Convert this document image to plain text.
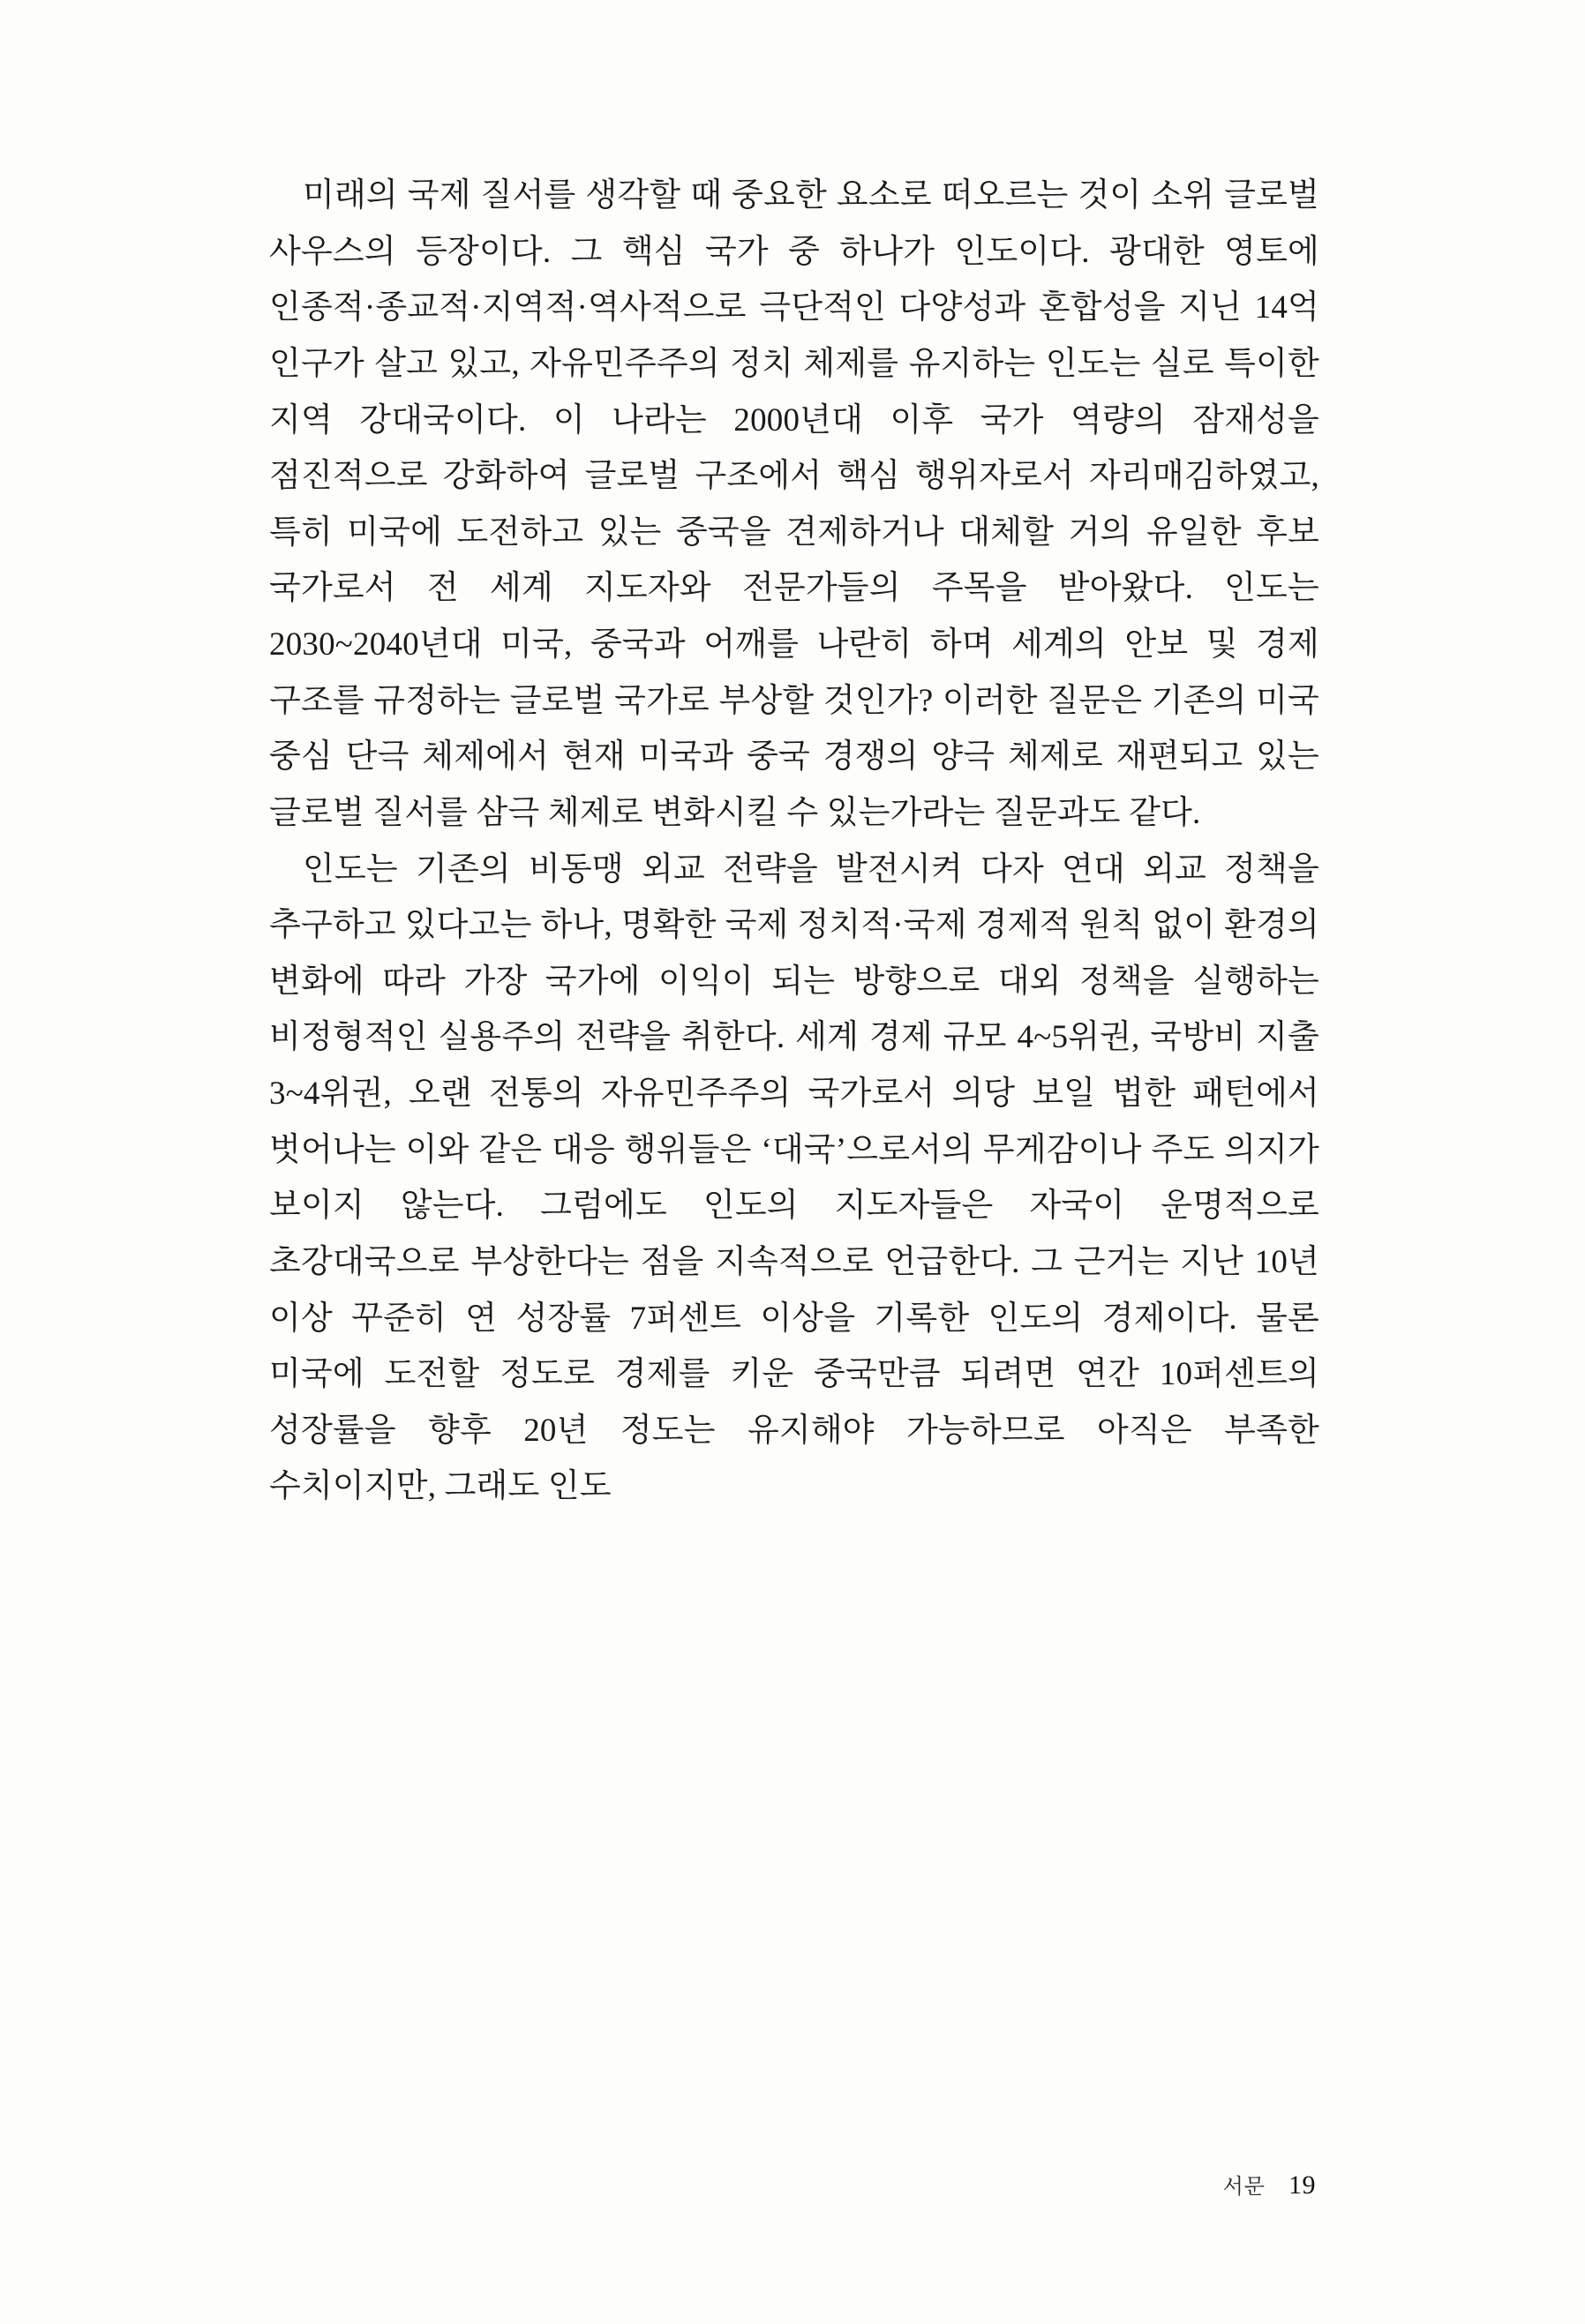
미래의 국제 질서를 생각할 때 중요한 요소로 떠오르는 것이 소위 글로벌 사우스의 등장이다. 그 핵심 국가 중 하나가 인도이다. 광대한 영토에 인종적·종교적·지역적·역사적으로 극단적인 다양성과 혼합성을 지닌 14억 인구가 살고 있고, 자유민주주의 정치 체제를 유지하는 인도는 실로 특이한 지역 강대국이다. 이 나라는 2000년대 이후 국가 역량의 잠재성을 점진적으로 강화하여 글로벌 구조에서 핵심 행위자로서 자리매김하였고, 특히 미국에 도전하고 있는 중국을 견제하거나 대체할 거의 유일한 후보 국가로서 전 세계 지도자와 전문가들의 주목을 받아왔다. 인도는 2030~2040년대 미국, 중국과 어깨를 나란히 하며 세계의 안보 및 경제 구조를 규정하는 글로벌 국가로 부상할 것인가? 이러한 질문은 기존의 미국 중심 단극 체제에서 현재 미국과 중국 경쟁의 양극 체제로 재편되고 있는 글로벌 질서를 삼극 체제로 변화시킬 수 있는가라는 질문과도 같다.

인도는 기존의 비동맹 외교 전략을 발전시켜 다자 연대 외교 정책을 추구하고 있다고는 하나, 명확한 국제 정치적·국제 경제적 원칙 없이 환경의 변화에 따라 가장 국가에 이익이 되는 방향으로 대외 정책을 실행하는 비정형적인 실용주의 전략을 취한다. 세계 경제 규모 4~5위권, 국방비 지출 3~4위권, 오랜 전통의 자유민주주의 국가로서 의당 보일 법한 패턴에서 벗어나는 이와 같은 대응 행위들은 ‘대국’으로서의 무게감이나 주도 의지가 보이지 않는다. 그럼에도 인도의 지도자들은 자국이 운명적으로 초강대국으로 부상한다는 점을 지속적으로 언급한다. 그 근거는 지난 10년 이상 꾸준히 연 성장률 7퍼센트 이상을 기록한 인도의 경제이다. 물론 미국에 도전할 정도로 경제를 키운 중국만큼 되려면 연간 10퍼센트의 성장률을 향후 20년 정도는 유지해야 가능하므로 아직은 부족한 수치이지만, 그래도 인도

서문 19
